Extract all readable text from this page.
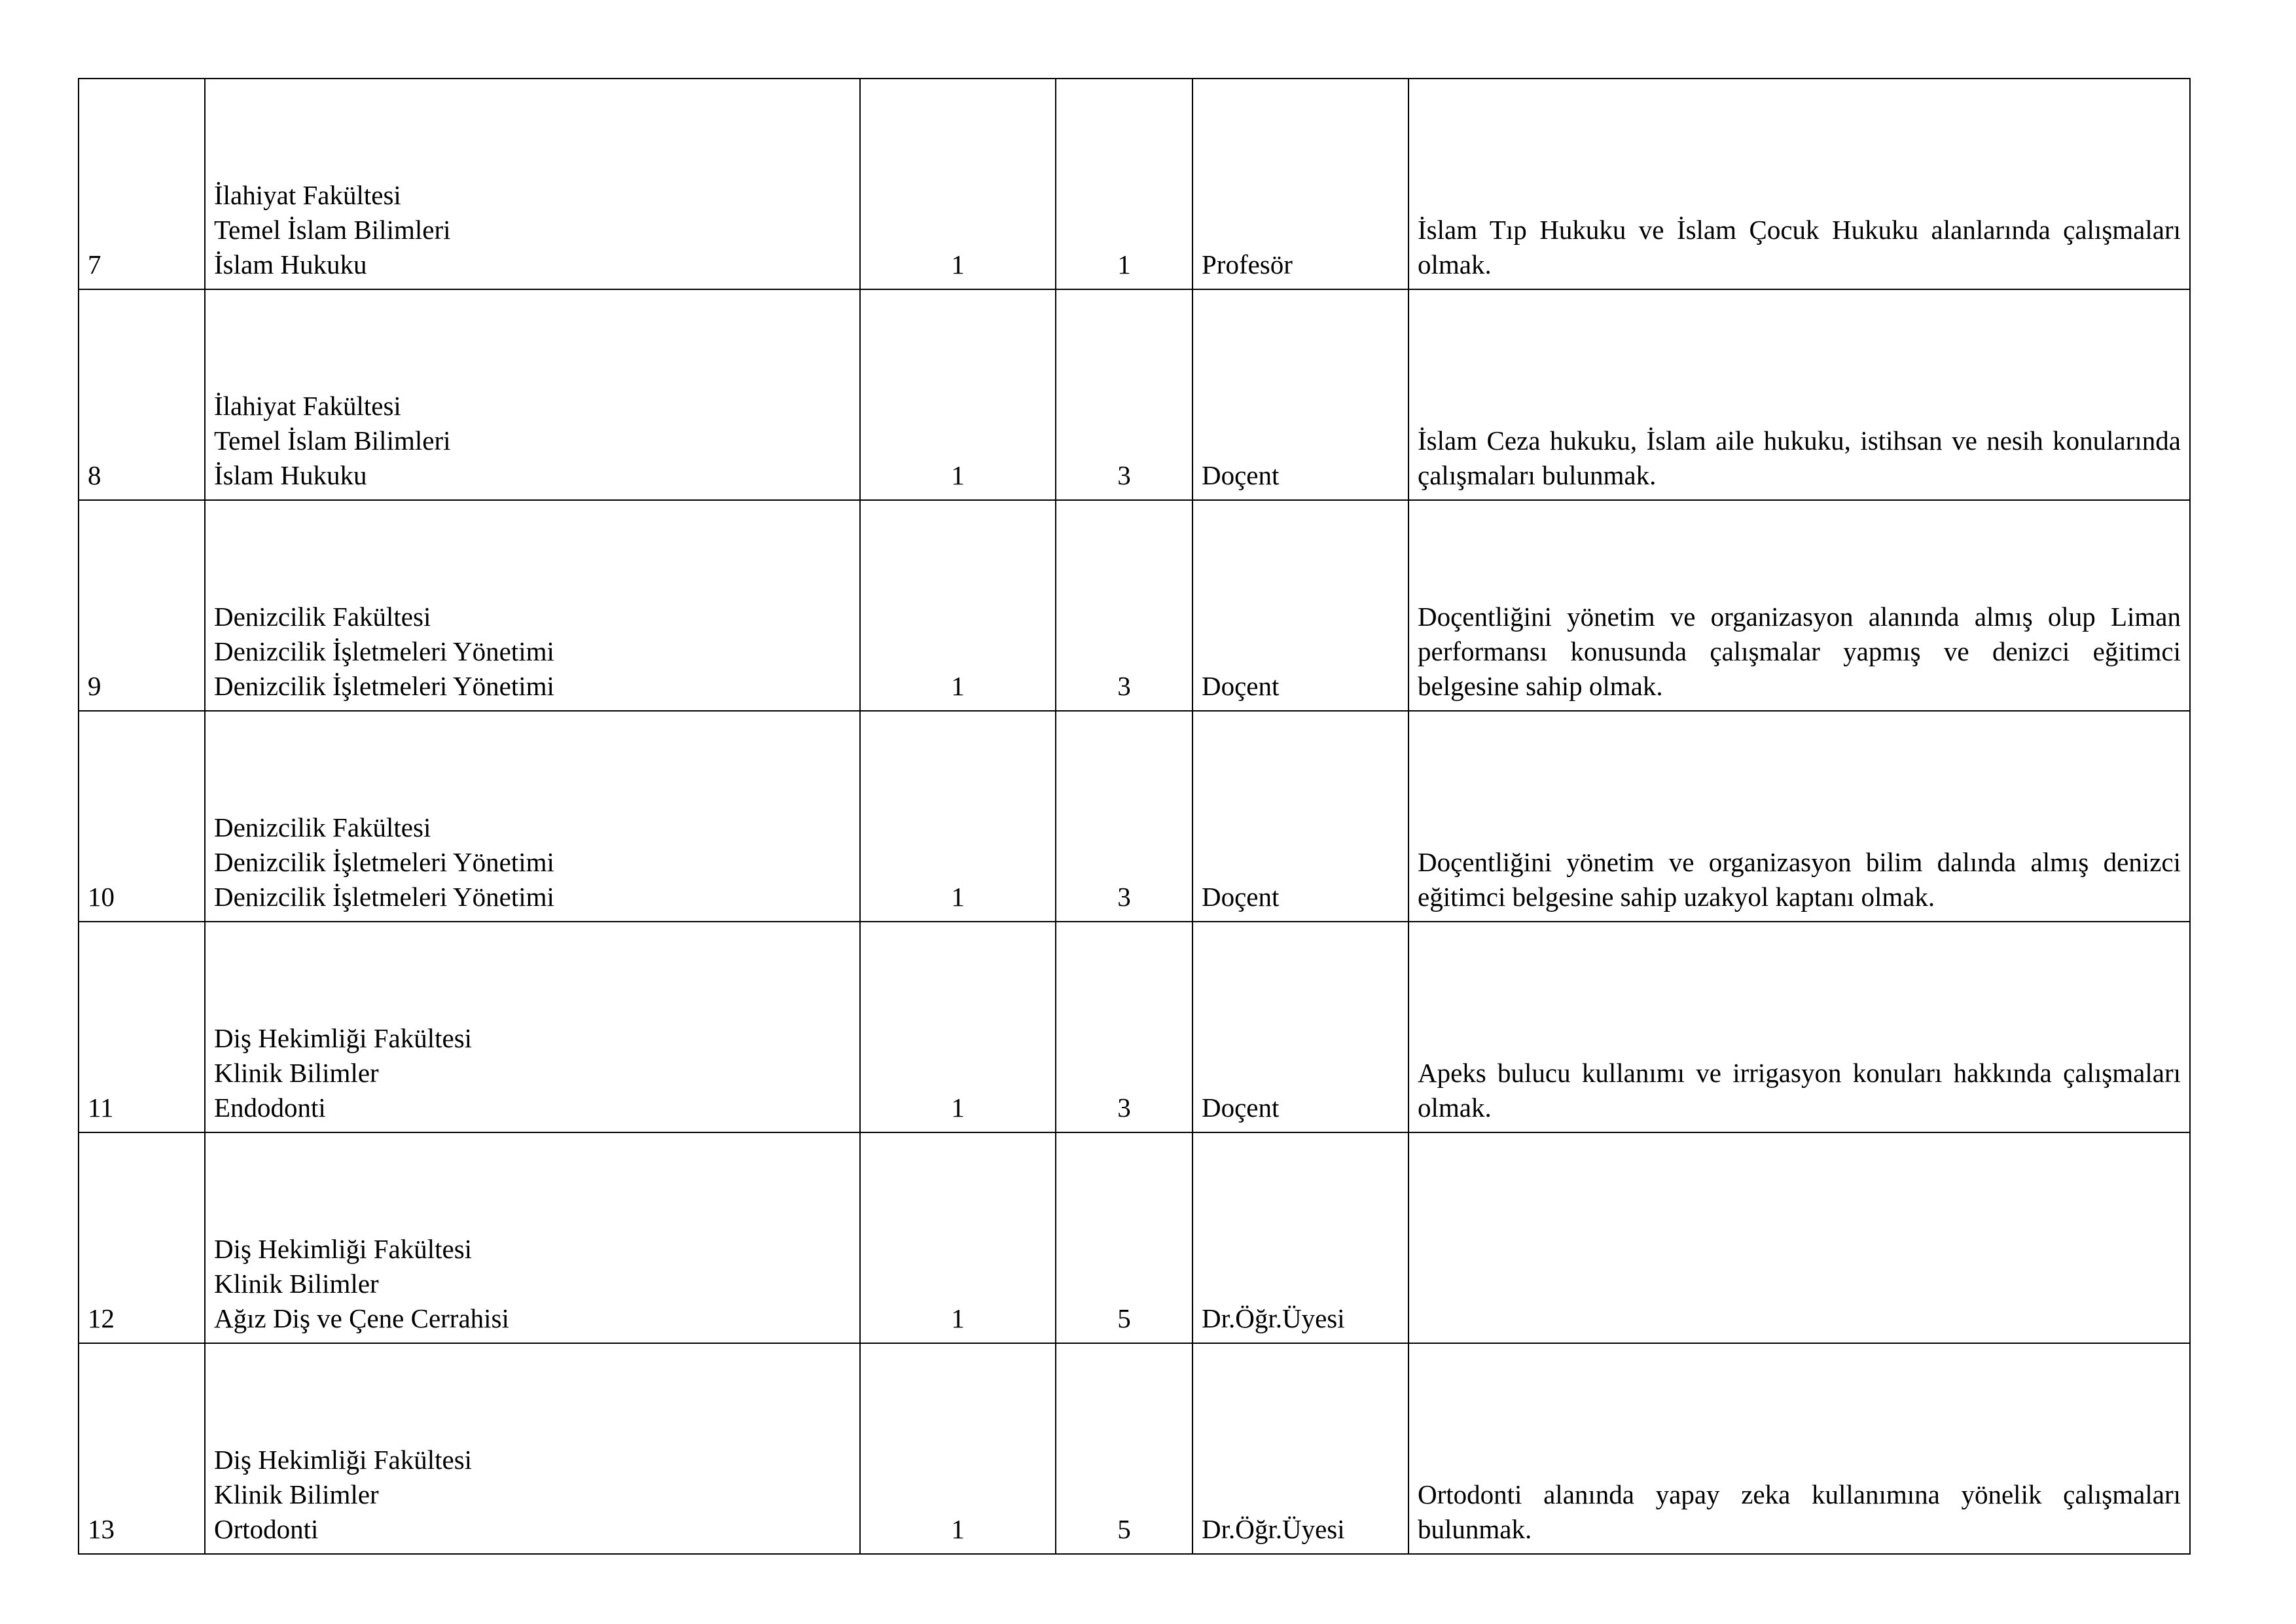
7	İlahiyat Fakültesi
Temel İslam Bilimleri
İslam Hukuku	1	1	Profesör	İslam Tıp Hukuku ve İslam Çocuk Hukuku alanlarında çalışmaları olmak.
8	İlahiyat Fakültesi
Temel İslam Bilimleri
İslam Hukuku	1	3	Doçent	İslam Ceza hukuku, İslam aile hukuku, istihsan ve nesih konularında çalışmaları bulunmak.
9	Denizcilik Fakültesi
Denizcilik İşletmeleri Yönetimi
Denizcilik İşletmeleri Yönetimi	1	3	Doçent	Doçentliğini yönetim ve organizasyon alanında almış olup Liman performansı konusunda çalışmalar yapmış ve denizci eğitimci belgesine sahip olmak.
10	Denizcilik Fakültesi
Denizcilik İşletmeleri Yönetimi
Denizcilik İşletmeleri Yönetimi	1	3	Doçent	Doçentliğini yönetim ve organizasyon bilim dalında almış denizci eğitimci belgesine sahip uzakyol kaptanı olmak.
11	Diş Hekimliği Fakültesi
Klinik Bilimler
Endodonti	1	3	Doçent	Apeks bulucu kullanımı ve irrigasyon konuları hakkında çalışmaları olmak.
12	Diş Hekimliği Fakültesi
Klinik Bilimler
Ağız Diş ve Çene Cerrahisi	1	5	Dr.Öğr.Üyesi	
13	Diş Hekimliği Fakültesi
Klinik Bilimler
Ortodonti	1	5	Dr.Öğr.Üyesi	Ortodonti alanında yapay zeka kullanımına yönelik çalışmaları bulunmak.
